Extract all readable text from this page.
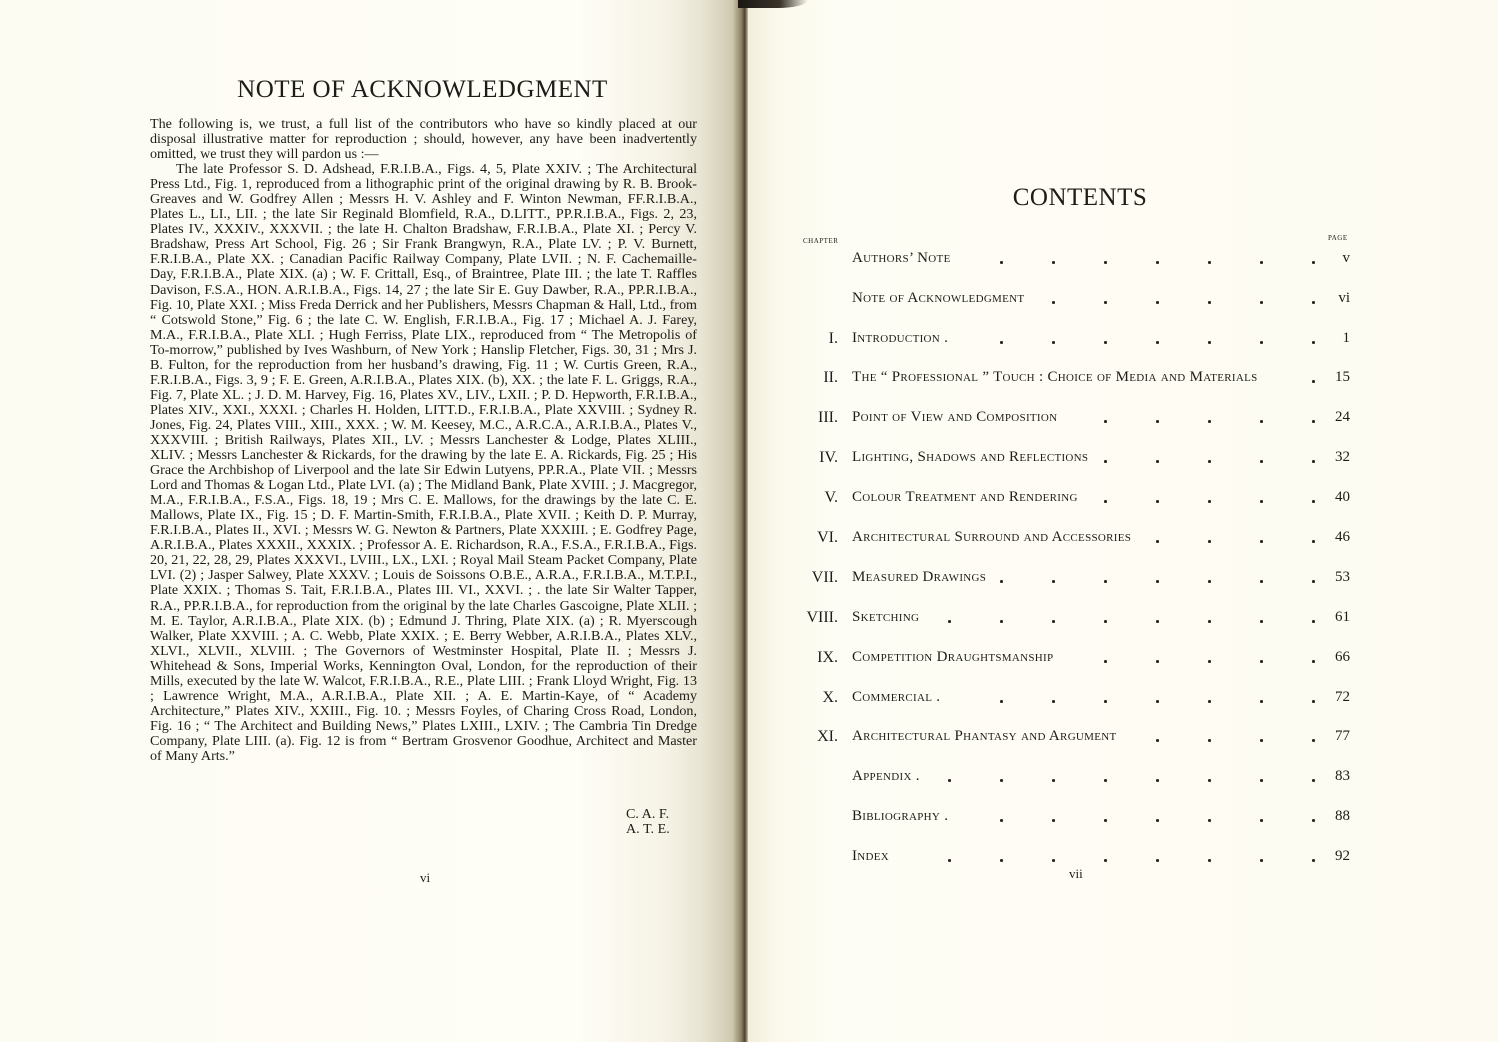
NOTE OF ACKNOWLEDGMENT

The following is, we trust, a full list of the contributors who have so kindly placed at our disposal illustrative matter for reproduction ; should, however, any have been inadvertently omitted, we trust they will pardon us :—

The late Professor S. D. Adshead, F.R.I.B.A., Figs. 4, 5, Plate XXIV. ; The Architectural Press Ltd., Fig. 1, reproduced from a lithographic print of the original drawing by R. B. Brook-Greaves and W. Godfrey Allen ; Messrs H. V. Ashley and F. Winton Newman, FF.R.I.B.A., Plates L., LI., LII. ; the late Sir Reginald Blomfield, R.A., D.LITT., PP.R.I.B.A., Figs. 2, 23, Plates IV., XXXIV., XXXVII. ; the late H. Chalton Bradshaw, F.R.I.B.A., Plate XI. ; Percy V. Bradshaw, Press Art School, Fig. 26 ; Sir Frank Brangwyn, R.A., Plate LV. ; P. V. Burnett, F.R.I.B.A., Plate XX. ; Canadian Pacific Railway Company, Plate LVII. ; N. F. Cachemaille-Day, F.R.I.B.A., Plate XIX. (a) ; W. F. Crittall, Esq., of Braintree, Plate III. ; the late T. Raffles Davison, F.S.A., HON. A.R.I.B.A., Figs. 14, 27 ; the late Sir E. Guy Dawber, R.A., PP.R.I.B.A., Fig. 10, Plate XXI. ; Miss Freda Derrick and her Publishers, Messrs Chapman & Hall, Ltd., from “ Cotswold Stone,” Fig. 6 ; the late C. W. English, F.R.I.B.A., Fig. 17 ; Michael A. J. Farey, M.A., F.R.I.B.A., Plate XLI. ; Hugh Ferriss, Plate LIX., reproduced from “ The Metropolis of To-morrow,” published by Ives Washburn, of New York ; Hanslip Fletcher, Figs. 30, 31 ; Mrs J. B. Fulton, for the reproduction from her husband’s drawing, Fig. 11 ; W. Curtis Green, R.A., F.R.I.B.A., Figs. 3, 9 ; F. E. Green, A.R.I.B.A., Plates XIX. (b), XX. ; the late F. L. Griggs, R.A., Fig. 7, Plate XL. ; J. D. M. Harvey, Fig. 16, Plates XV., LIV., LXII. ; P. D. Hepworth, F.R.I.B.A., Plates XIV., XXI., XXXI. ; Charles H. Holden, LITT.D., F.R.I.B.A., Plate XXVIII. ; Sydney R. Jones, Fig. 24, Plates VIII., XIII., XXX. ; W. M. Keesey, M.C., A.R.C.A., A.R.I.B.A., Plates V., XXXVIII. ; British Railways, Plates XII., LV. ; Messrs Lanchester & Lodge, Plates XLIII., XLIV. ; Messrs Lanchester & Rickards, for the drawing by the late E. A. Rickards, Fig. 25 ; His Grace the Archbishop of Liverpool and the late Sir Edwin Lutyens, PP.R.A., Plate VII. ; Messrs Lord and Thomas & Logan Ltd., Plate LVI. (a) ; The Midland Bank, Plate XVIII. ; J. Macgregor, M.A., F.R.I.B.A., F.S.A., Figs. 18, 19 ; Mrs C. E. Mallows, for the drawings by the late C. E. Mallows, Plate IX., Fig. 15 ; D. F. Martin-Smith, F.R.I.B.A., Plate XVII. ; Keith D. P. Murray, F.R.I.B.A., Plates II., XVI. ; Messrs W. G. Newton & Partners, Plate XXXIII. ; E. Godfrey Page, A.R.I.B.A., Plates XXXII., XXXIX. ; Professor A. E. Richardson, R.A., F.S.A., F.R.I.B.A., Figs. 20, 21, 22, 28, 29, Plates XXXVI., LVIII., LX., LXI. ; Royal Mail Steam Packet Company, Plate LVI. (2) ; Jasper Salwey, Plate XXXV. ; Louis de Soissons O.B.E., A.R.A., F.R.I.B.A., M.T.P.I., Plate XXIX. ; Thomas S. Tait, F.R.I.B.A., Plates III. VI., XXVI. ; . the late Sir Walter Tapper, R.A., PP.R.I.B.A., for reproduction from the original by the late Charles Gascoigne, Plate XLII. ; M. E. Taylor, A.R.I.B.A., Plate XIX. (b) ; Edmund J. Thring, Plate XIX. (a) ; R. Myerscough Walker, Plate XXVIII. ; A. C. Webb, Plate XXIX. ; E. Berry Webber, A.R.I.B.A., Plates XLV., XLVI., XLVII., XLVIII. ; The Governors of Westminster Hospital, Plate II. ; Messrs J. Whitehead & Sons, Imperial Works, Kennington Oval, London, for the reproduction of their Mills, executed by the late W. Walcot, F.R.I.B.A., R.E., Plate LIII. ; Frank Lloyd Wright, Fig. 13 ; Lawrence Wright, M.A., A.R.I.B.A., Plate XII. ; A. E. Martin-Kaye, of “ Academy Architecture,” Plates XIV., XXIII., Fig. 10. ; Messrs Foyles, of Charing Cross Road, London, Fig. 16 ; “ The Architect and Building News,” Plates LXIII., LXIV. ; The Cambria Tin Dredge Company, Plate LIII. (a). Fig. 12 is from “ Bertram Grosvenor Goodhue, Architect and Master of Many Arts.”

C. A. F.
A. T. E.
vi
CONTENTS
CHAPTER	PAGE
Authors’ Note	v
Note of Acknowledgment	vi
I. Introduction .	1
II. The “ Professional ” Touch : Choice of Media and Materials	15
III. Point of View and Composition	24
IV. Lighting, Shadows and Reflections	32
V. Colour Treatment and Rendering	40
VI. Architectural Surround and Accessories	46
VII. Measured Drawings	53
VIII. Sketching	61
IX. Competition Draughtsmanship	66
X. Commercial .	72
XI. Architectural Phantasy and Argument	77
Appendix .	83
Bibliography .	88
Index	92
vii
